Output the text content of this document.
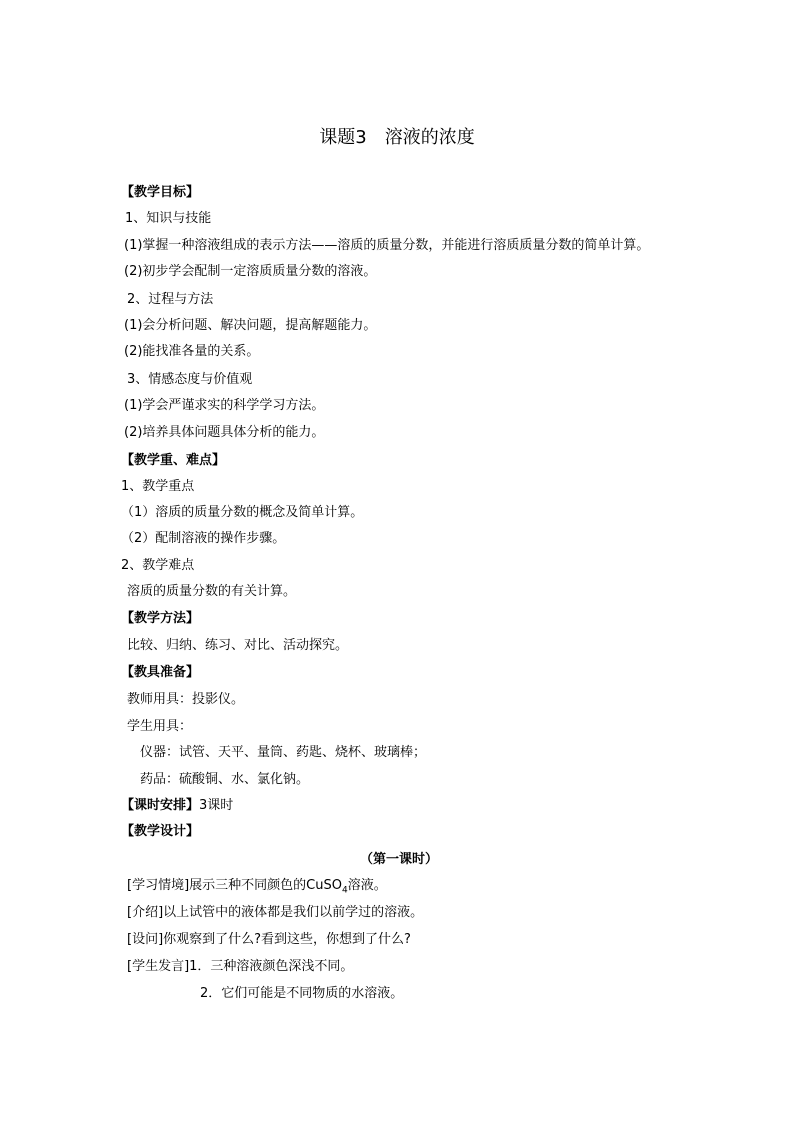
课题3　溶液的浓度
【教学目标】
1、知识与技能
(1)掌握一种溶液组成的表示方法——溶质的质量分数，并能进行溶质质量分数的简单计算。
(2)初步学会配制一定溶质质量分数的溶液。
2、过程与方法
(1)会分析问题、解决问题，提高解题能力。
(2)能找准各量的关系。
3、情感态度与价值观
(1)学会严谨求实的科学学习方法。
(2)培养具体问题具体分析的能力。
【教学重、难点】
1、教学重点
（1）溶质的质量分数的概念及简单计算。
（2）配制溶液的操作步骤。
2、教学难点
溶质的质量分数的有关计算。
【教学方法】
比较、归纳、练习、对比、活动探究。
【教具准备】
教师用具：投影仪。
学生用具：
仪器：试管、天平、量筒、药匙、烧杯、玻璃棒；
药品：硫酸铜、水、氯化钠。
【课时安排】3课时
【教学设计】
（第一课时）
[学习情境]展示三种不同颜色的CuSO$_4$溶液。
[介绍]以上试管中的液体都是我们以前学过的溶液。
[设问]你观察到了什么?看到这些，你想到了什么?
[学生发言]1．三种溶液颜色深浅不同。
2．它们可能是不同物质的水溶液。
